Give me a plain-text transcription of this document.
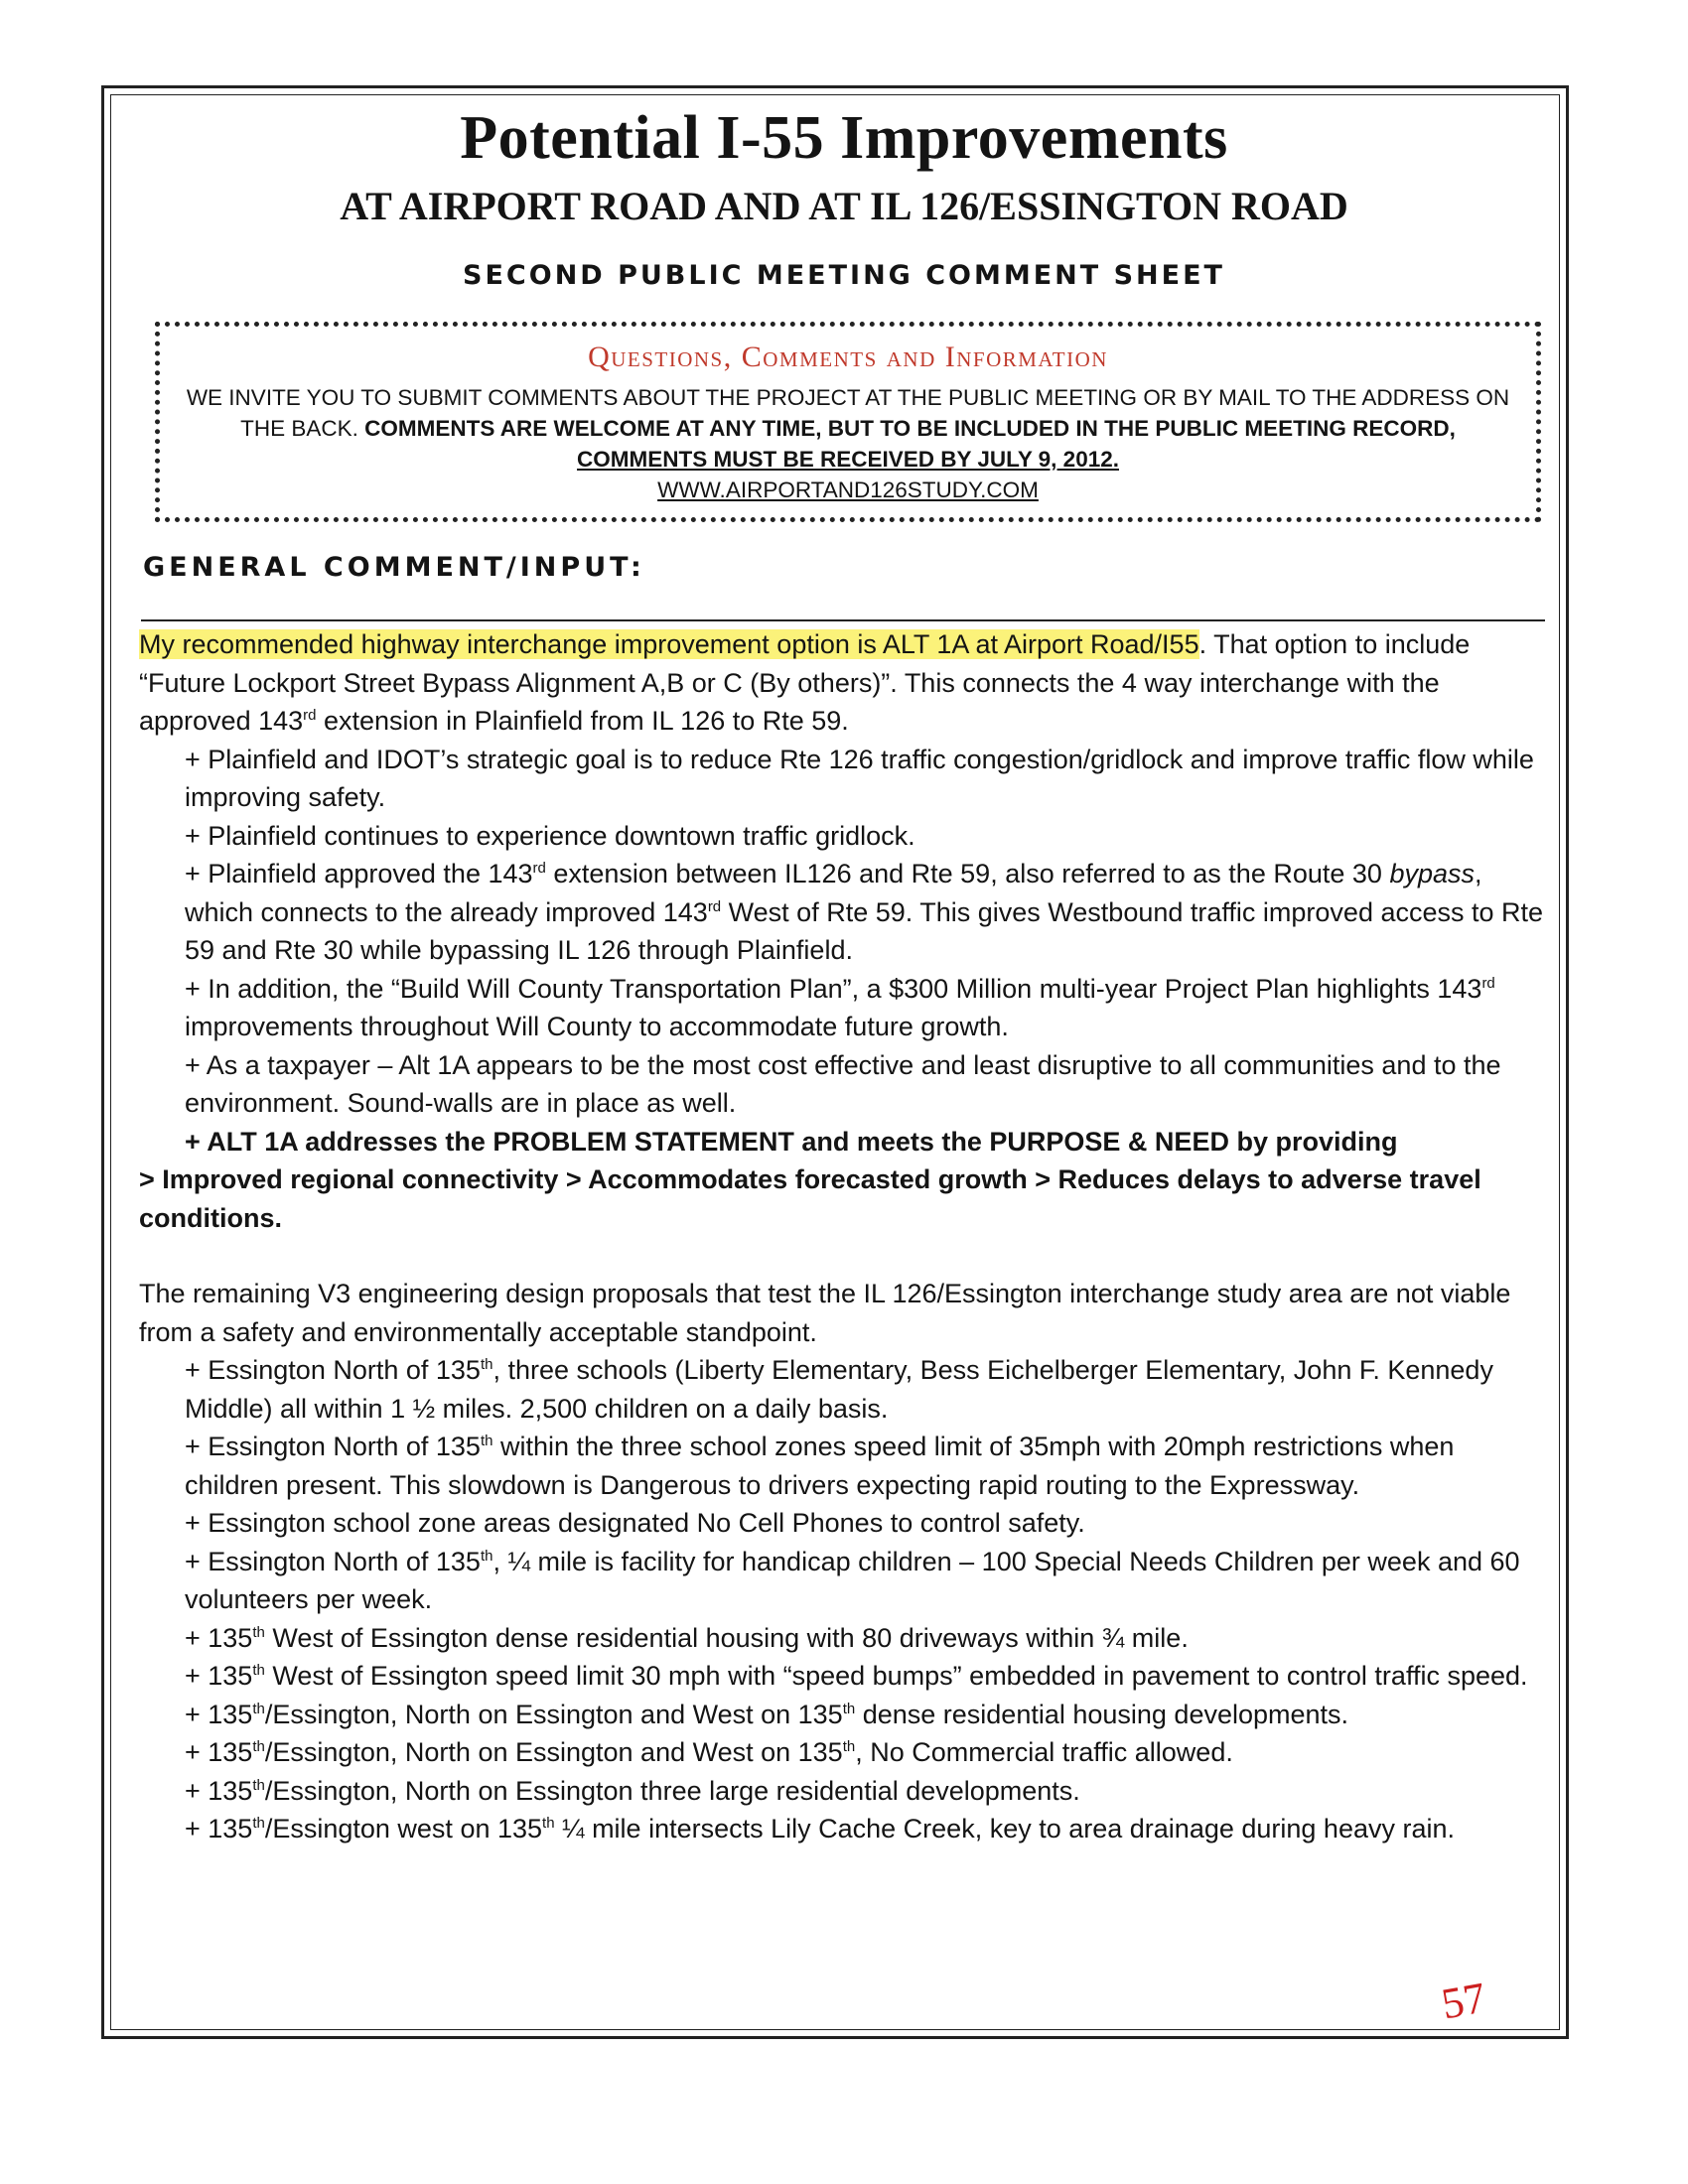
Potential I-55 Improvements
AT AIRPORT ROAD AND AT IL 126/ESSINGTON ROAD
SECOND PUBLIC MEETING COMMENT SHEET
Questions, Comments and Information
WE INVITE YOU TO SUBMIT COMMENTS ABOUT THE PROJECT AT THE PUBLIC MEETING OR BY MAIL TO THE ADDRESS ON THE BACK. COMMENTS ARE WELCOME AT ANY TIME, BUT TO BE INCLUDED IN THE PUBLIC MEETING RECORD, COMMENTS MUST BE RECEIVED BY JULY 9, 2012.
WWW.AIRPORTAND126STUDY.COM
GENERAL COMMENT/INPUT:

My recommended highway interchange improvement option is ALT 1A at Airport Road/I55. That option to include “Future Lockport Street Bypass Alignment A,B or C (By others)”. This connects the 4 way interchange with the approved 143rd extension in Plainfield from IL 126 to Rte 59.

+ Plainfield and IDOT’s strategic goal is to reduce Rte 126 traffic congestion/gridlock and improve traffic flow while improving safety.

+ Plainfield continues to experience downtown traffic gridlock.

+ Plainfield approved the 143rd extension between IL126 and Rte 59, also referred to as the Route 30 bypass, which connects to the already improved 143rd West of Rte 59. This gives Westbound traffic improved access to Rte 59 and Rte 30 while bypassing IL 126 through Plainfield.

+ In addition, the “Build Will County Transportation Plan”, a $300 Million multi-year Project Plan highlights 143rd improvements throughout Will County to accommodate future growth.

+ As a taxpayer – Alt 1A appears to be the most cost effective and least disruptive to all communities and to the environment. Sound-walls are in place as well.

+ ALT 1A addresses the PROBLEM STATEMENT and meets the PURPOSE & NEED by providing

> Improved regional connectivity > Accommodates forecasted growth > Reduces delays to adverse travel conditions.

The remaining V3 engineering design proposals that test the IL 126/Essington interchange study area are not viable from a safety and environmentally acceptable standpoint.

+ Essington North of 135th, three schools (Liberty Elementary, Bess Eichelberger Elementary, John F. Kennedy Middle) all within 1 ½ miles. 2,500 children on a daily basis.

+ Essington North of 135th within the three school zones speed limit of 35mph with 20mph restrictions when children present. This slowdown is Dangerous to drivers expecting rapid routing to the Expressway.

+ Essington school zone areas designated No Cell Phones to control safety.

+ Essington North of 135th, ¼ mile is facility for handicap children – 100 Special Needs Children per week and 60 volunteers per week.

+ 135th West of Essington dense residential housing with 80 driveways within ¾ mile.

+ 135th West of Essington speed limit 30 mph with “speed bumps” embedded in pavement to control traffic speed.

+ 135th/Essington, North on Essington and West on 135th dense residential housing developments.

+ 135th/Essington, North on Essington and West on 135th, No Commercial traffic allowed.

+ 135th/Essington, North on Essington three large residential developments.

+ 135th/Essington west on 135th ¼ mile intersects Lily Cache Creek, key to area drainage during heavy rain.

57
